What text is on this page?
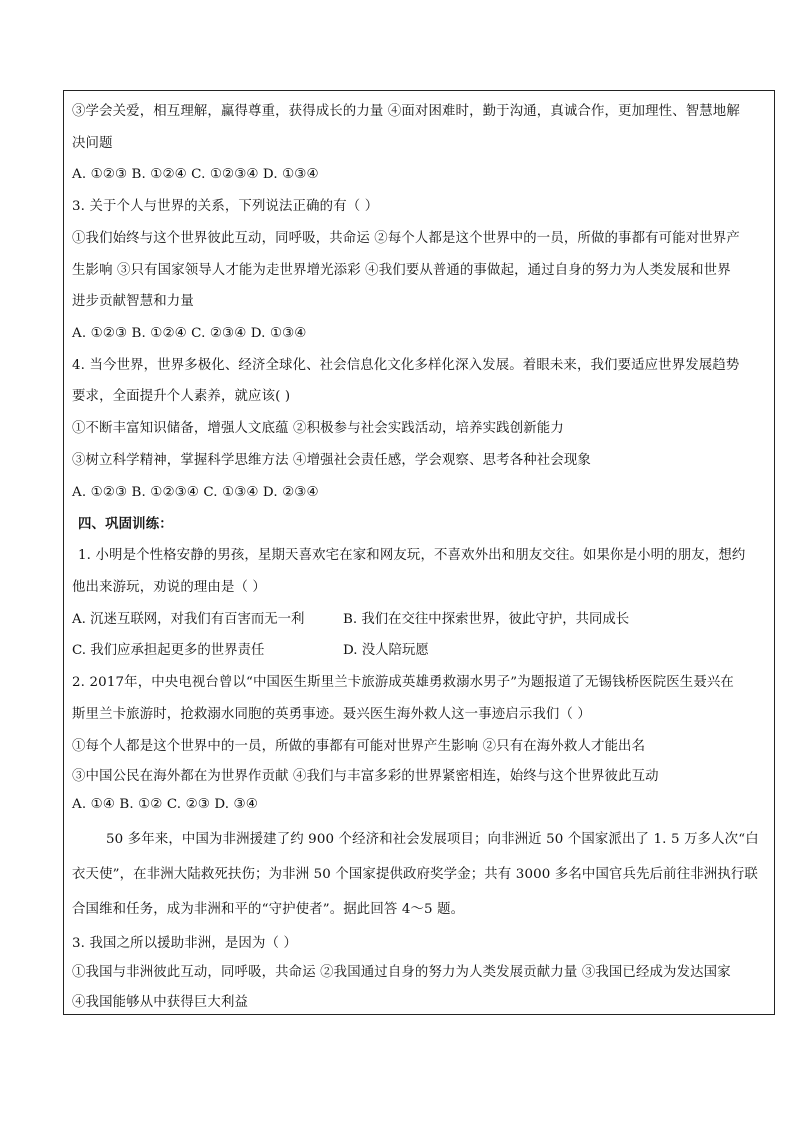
③学会关爱，相互理解，赢得尊重，获得成长的力量 ④面对困难时，勤于沟通，真诚合作，更加理性、智慧地解
决问题
A. ①②③ B. ①②④ C. ①②③④ D. ①③④
3. 关于个人与世界的关系，下列说法正确的有（ ）
①我们始终与这个世界彼此互动，同呼吸，共命运 ②每个人都是这个世界中的一员，所做的事都有可能对世界产
生影响 ③只有国家领导人才能为走世界增光添彩 ④我们要从普通的事做起，通过自身的努力为人类发展和世界
进步贡献智慧和力量
A. ①②③ B. ①②④ C. ②③④ D. ①③④
4. 当今世界，世界多极化、经济全球化、社会信息化文化多样化深入发展。着眼未来，我们要适应世界发展趋势
要求，全面提升个人素养，就应该( )
①不断丰富知识储备，增强人文底蕴 ②积极参与社会实践活动，培养实践创新能力
③树立科学精神，掌握科学思维方法 ④增强社会责任感，学会观察、思考各种社会现象
A. ①②③ B. ①②③④ C. ①③④ D. ②③④
四、巩固训练：
1. 小明是个性格安静的男孩，星期天喜欢宅在家和网友玩，不喜欢外出和朋友交往。如果你是小明的朋友，想约
他出来游玩，劝说的理由是（ ）
A. 沉迷互联网，对我们有百害而无一利	B. 我们在交往中探索世界，彼此守护，共同成长
C. 我们应承担起更多的世界责任	D. 没人陪玩愿
2. 2017年，中央电视台曾以“中国医生斯里兰卡旅游成英雄勇救溺水男子”为题报道了无锡钱桥医院医生聂兴在
斯里兰卡旅游时，抢救溺水同胞的英勇事迹。聂兴医生海外救人这一事迹启示我们（ ）
①每个人都是这个世界中的一员，所做的事都有可能对世界产生影响 ②只有在海外救人才能出名
③中国公民在海外都在为世界作贡献 ④我们与丰富多彩的世界紧密相连，始终与这个世界彼此互动
A. ①④ B. ①② C. ②③ D. ③④
50 多年来，中国为非洲援建了约 900 个经济和社会发展项目；向非洲近 50 个国家派出了 1. 5 万多人次“白
衣天使”，在非洲大陆救死扶伤；为非洲 50 个国家提供政府奖学金；共有 3000 多名中国官兵先后前往非洲执行联
合国维和任务，成为非洲和平的“守护使者”。据此回答 4～5 题。
3. 我国之所以援助非洲，是因为（ ）
①我国与非洲彼此互动，同呼吸，共命运 ②我国通过自身的努力为人类发展贡献力量 ③我国已经成为发达国家
④我国能够从中获得巨大利益
